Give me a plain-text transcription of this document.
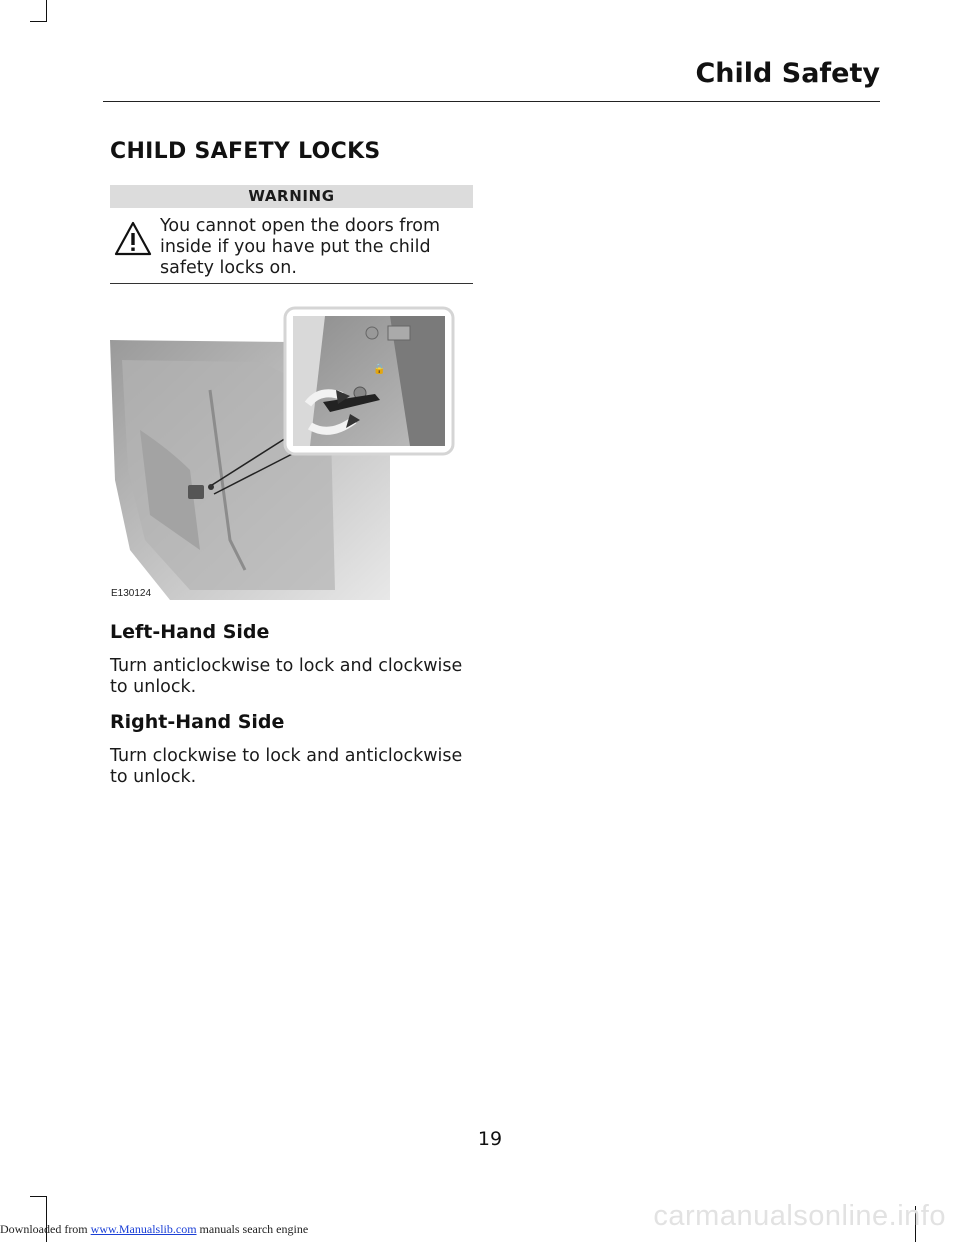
Child Safety
CHILD SAFETY LOCKS
WARNING
You cannot open the doors from inside if you have put the child safety locks on.
🔒
E130124
Left-Hand Side
Turn anticlockwise to lock and clockwise to unlock.
Right-Hand Side
Turn clockwise to lock and anticlockwise to unlock.
19
Downloaded from www.Manualslib.com manuals search engine	carmanualsonline.info
